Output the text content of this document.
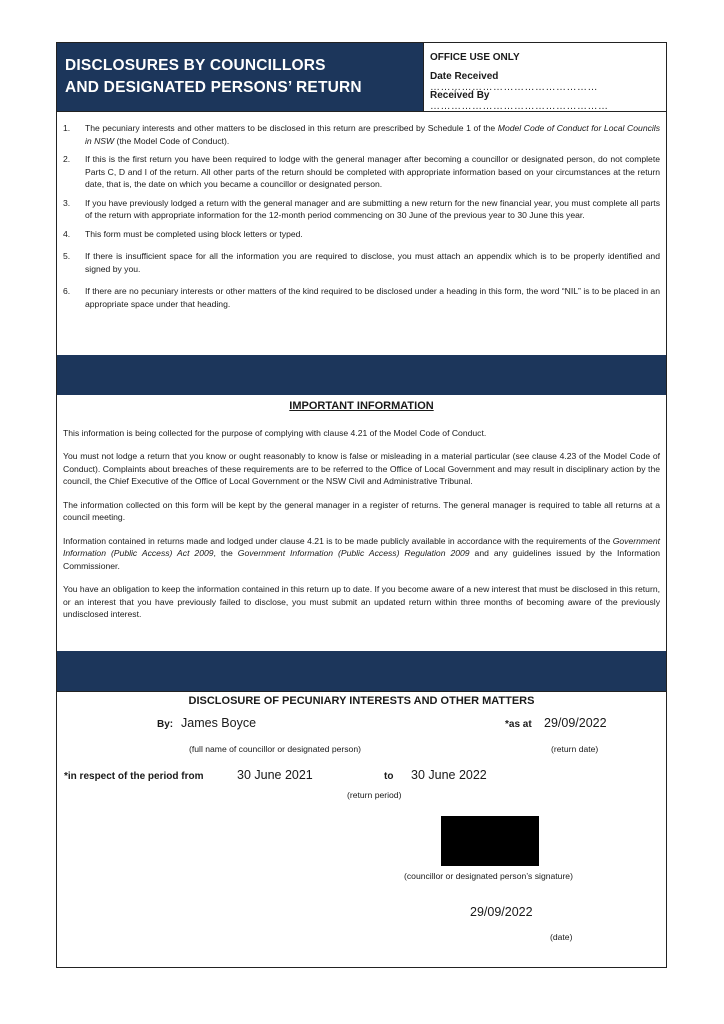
DISCLOSURES BY COUNCILLORS
AND DESIGNATED PERSONS’ RETURN
OFFICE USE ONLY
Date Received …………………………………………
Received By ……………………………………………
1.	The pecuniary interests and other matters to be disclosed in this return are prescribed by Schedule 1 of the Model Code of Conduct for Local Councils in NSW (the Model Code of Conduct).
2.	If this is the first return you have been required to lodge with the general manager after becoming a councillor or designated person, do not complete Parts C, D and I of the return. All other parts of the return should be completed with appropriate information based on your circumstances at the return date, that is, the date on which you became a councillor or designated person.
3.	If you have previously lodged a return with the general manager and are submitting a new return for the new financial year, you must complete all parts of the return with appropriate information for the 12-month period commencing on 30 June of the previous year to 30 June this year.
4.	This form must be completed using block letters or typed.
5.	If there is insufficient space for all the information you are required to disclose, you must attach an appendix which is to be properly identified and signed by you.
6.	If there are no pecuniary interests or other matters of the kind required to be disclosed under a heading in this form, the word “NIL” is to be placed in an appropriate space under that heading.
IMPORTANT INFORMATION
This information is being collected for the purpose of complying with clause 4.21 of the Model Code of Conduct.
You must not lodge a return that you know or ought reasonably to know is false or misleading in a material particular (see clause 4.23 of the Model Code of Conduct). Complaints about breaches of these requirements are to be referred to the Office of Local Government and may result in disciplinary action by the council, the Chief Executive of the Office of Local Government or the NSW Civil and Administrative Tribunal.
The information collected on this form will be kept by the general manager in a register of returns. The general manager is required to table all returns at a council meeting.
Information contained in returns made and lodged under clause 4.21 is to be made publicly available in accordance with the requirements of the Government Information (Public Access) Act 2009, the Government Information (Public Access) Regulation 2009 and any guidelines issued by the Information Commissioner.
You have an obligation to keep the information contained in this return up to date. If you become aware of a new interest that must be disclosed in this return, or an interest that you have previously failed to disclose, you must submit an updated return within three months of becoming aware of the previously undisclosed interest.
DISCLOSURE OF PECUNIARY INTERESTS AND OTHER MATTERS
By: James Boyce
(full name of councillor or designated person)
*as at 29/09/2022
(return date)
*in respect of the period from	30 June 2021	to 30 June 2022
(return period)
(councillor or designated person’s signature)
29/09/2022
(date)
